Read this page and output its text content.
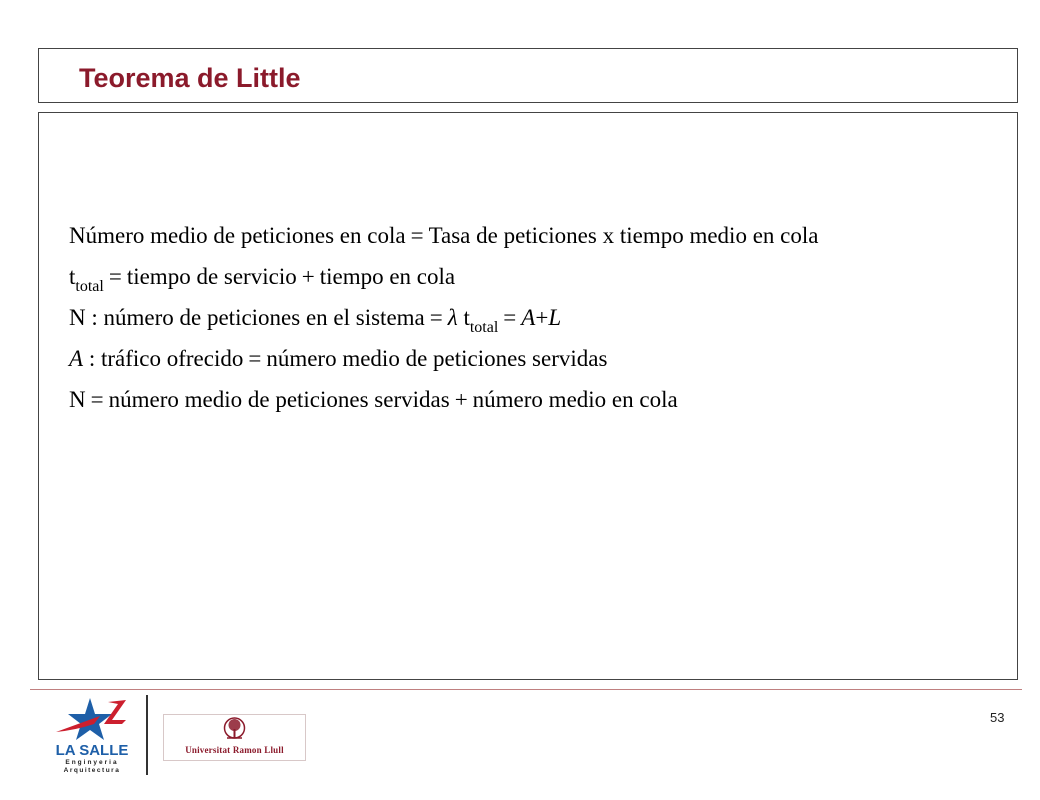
Teorema de Little
Número medio de peticiones en cola = Tasa de peticiones x tiempo medio en cola
$t_{total}$ = tiempo de servicio + tiempo en cola
N : número de peticiones en el sistema = λ $t_{total} = A+L$
A : tráfico ofrecido = número medio de peticiones servidas
N = número medio de peticiones servidas + número medio en cola
53
LA SALLE
Enginyeria
Arquitectura
Universitat Ramon Llull
